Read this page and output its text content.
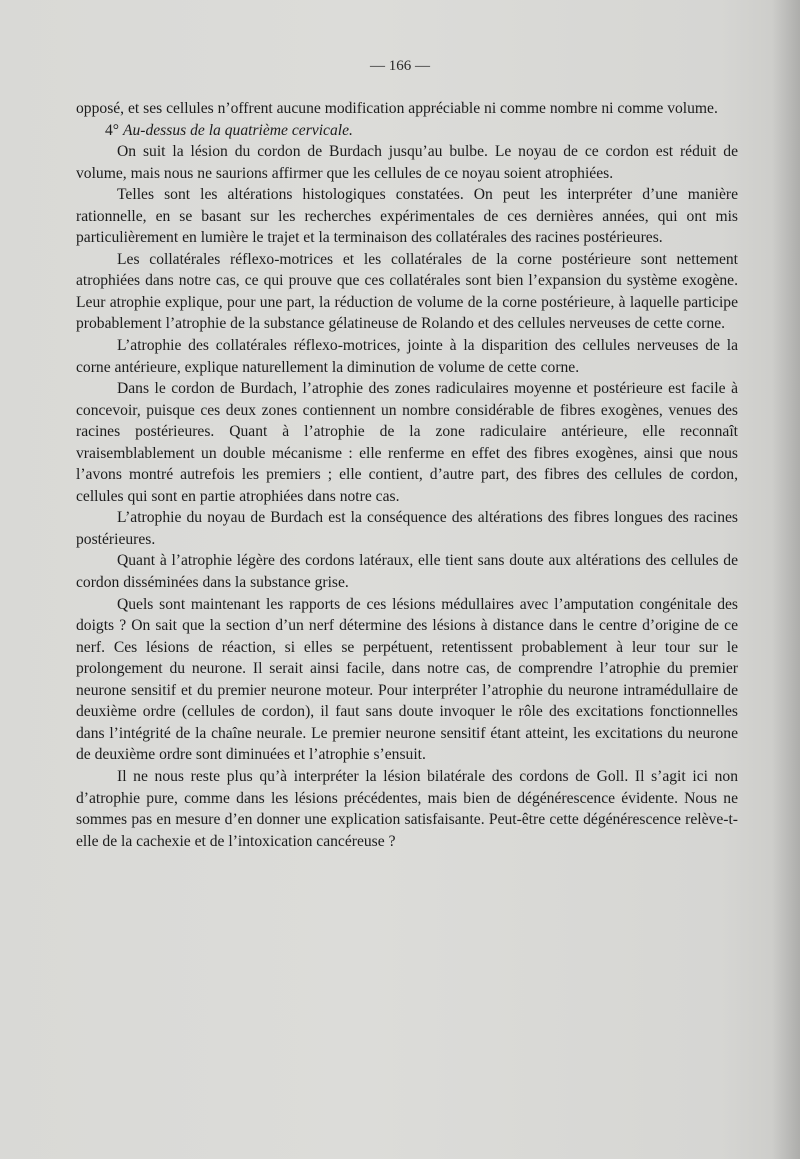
— 166 —

opposé, et ses cellules n’offrent aucune modification appréciable ni comme nombre ni comme volume.

4° Au-dessus de la quatrième cervicale.

On suit la lésion du cordon de Burdach jusqu’au bulbe. Le noyau de ce cordon est réduit de volume, mais nous ne saurions affirmer que les cellules de ce noyau soient atrophiées.

Telles sont les altérations histologiques constatées. On peut les interpréter d’une manière rationnelle, en se basant sur les recherches expérimentales de ces dernières années, qui ont mis particulièrement en lumière le trajet et la terminaison des collatérales des racines postérieures.

Les collatérales réflexo-motrices et les collatérales de la corne postérieure sont nettement atrophiées dans notre cas, ce qui prouve que ces collatérales sont bien l’expansion du système exogène. Leur atrophie explique, pour une part, la réduction de volume de la corne postérieure, à laquelle participe probablement l’atrophie de la substance gélatineuse de Rolando et des cellules nerveuses de cette corne.

L’atrophie des collatérales réflexo-motrices, jointe à la disparition des cellules nerveuses de la corne antérieure, explique naturellement la diminution de volume de cette corne.

Dans le cordon de Burdach, l’atrophie des zones radiculaires moyenne et postérieure est facile à concevoir, puisque ces deux zones contiennent un nombre considérable de fibres exogènes, venues des racines postérieures. Quant à l’atrophie de la zone radiculaire antérieure, elle reconnaît vraisemblablement un double mécanisme : elle renferme en effet des fibres exogènes, ainsi que nous l’avons montré autrefois les premiers ; elle contient, d’autre part, des fibres des cellules de cordon, cellules qui sont en partie atrophiées dans notre cas.

L’atrophie du noyau de Burdach est la conséquence des altérations des fibres longues des racines postérieures.

Quant à l’atrophie légère des cordons latéraux, elle tient sans doute aux altérations des cellules de cordon disséminées dans la substance grise.

Quels sont maintenant les rapports de ces lésions médullaires avec l’amputation congénitale des doigts ? On sait que la section d’un nerf détermine des lésions à distance dans le centre d’origine de ce nerf. Ces lésions de réaction, si elles se perpétuent, retentissent probablement à leur tour sur le prolongement du neurone. Il serait ainsi facile, dans notre cas, de comprendre l’atrophie du premier neurone sensitif et du premier neurone moteur. Pour interpréter l’atrophie du neurone intramédullaire de deuxième ordre (cellules de cordon), il faut sans doute invoquer le rôle des excitations fonctionnelles dans l’intégrité de la chaîne neurale. Le premier neurone sensitif étant atteint, les excitations du neurone de deuxième ordre sont diminuées et l’atrophie s’ensuit.

Il ne nous reste plus qu’à interpréter la lésion bilatérale des cordons de Goll. Il s’agit ici non d’atrophie pure, comme dans les lésions précédentes, mais bien de dégénérescence évidente. Nous ne sommes pas en mesure d’en donner une explication satisfaisante. Peut-être cette dégénérescence relève-t-elle de la cachexie et de l’intoxication cancéreuse ?
